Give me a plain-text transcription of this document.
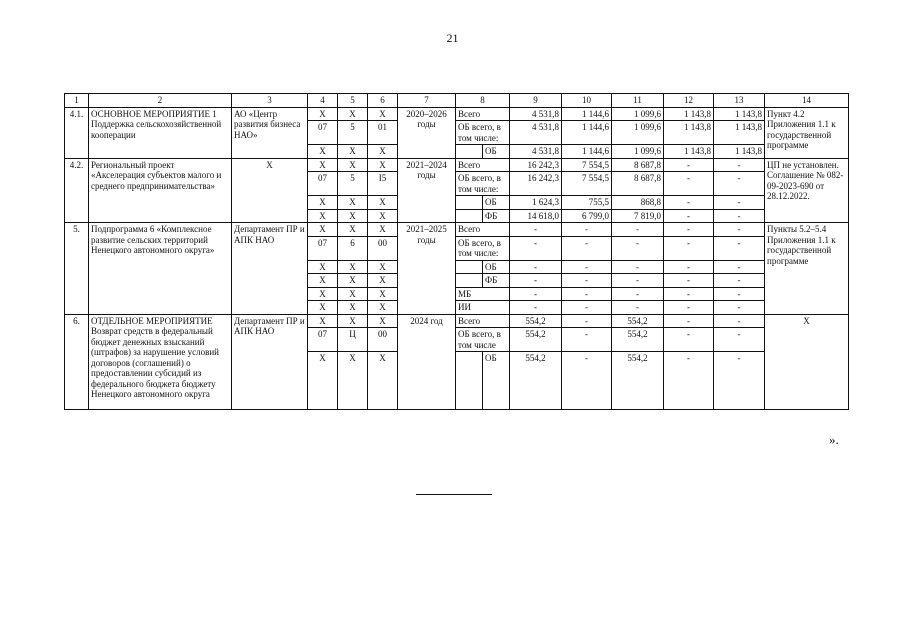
21
1	2	3	4	5	6	7	8		9	10	11	12	13	14
4.1.	ОСНОВНОЕ МЕРОПРИЯТИЕ 1 Поддержка сельскохозяйственной кооперации	АО «Центр развития бизнеса НАО»	Х	Х	Х	2020–2026 годы	Всего		4 531,8	1 144,6	1 099,6	1 143,8	1 143,8	Пункт 4.2 Приложения 1.1 к государственной программе
			07	5	01		ОБ всего, в том числе:		4 531,8	1 144,6	1 099,6	1 143,8	1 143,8	
			Х	Х	Х			ОБ	4 531,8	1 144,6	1 099,6	1 143,8	1 143,8	
4.2.	Региональный проект «Акселерация субъектов малого и среднего предпринимательства»	Х	Х	Х	Х	2021–2024 годы	Всего		16 242,3	7 554,5	8 687,8	-	-	ЦП не установлен. Соглашение № 082-09-2023-690 от 28.12.2022.
			07	5	I5		ОБ всего, в том числе:		16 242,3	7 554,5	8 687,8	-	-	
			Х	Х	Х			ОБ	1 624,3	755,5	868,8	-	-	
			Х	Х	Х			ФБ	14 618,0	6 799,0	7 819,0	-	-	
5.	Подпрограмма 6 «Комплексное развитие сельских территорий Ненецкого автономного округа»	Департамент ПР и АПК НАО	Х	Х	Х	2021–2025 годы	Всего		-	-	-	-	-	Пункты 5.2–5.4 Приложения 1.1 к государственной программе
			07	6	00		ОБ всего, в том числе:		-	-	-	-	-	
			Х	Х	Х			ОБ	-	-	-	-	-	
			Х	Х	Х			ФБ	-	-	-	-	-	
			Х	Х	Х		МБ		-	-	-	-	-	
			Х	Х	Х		ИИ		-	-	-	-	-	
6.	ОТДЕЛЬНОЕ МЕРОПРИЯТИЕ Возврат средств в федеральный бюджет денежных взысканий (штрафов) за нарушение условий договоров (соглашений) о предоставлении субсидий из федерального бюджета бюджету Ненецкого автономного округа	Департамент ПР и АПК НАО	Х	Х	Х	2024 год	Всего		554,2	-	554,2	-	-	Х
			07	Ц	00		ОБ всего, в том числе		554,2	-	554,2	-	-	
			Х	Х	Х			ОБ	554,2	-	554,2	-	-	
».
